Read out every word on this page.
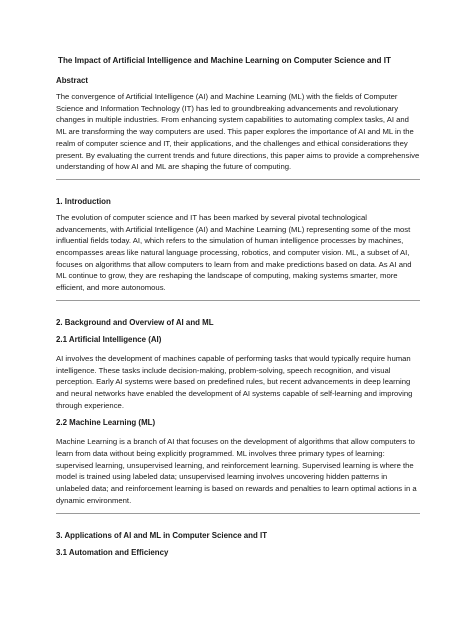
The Impact of Artificial Intelligence and Machine Learning on Computer Science and IT
Abstract

The convergence of Artificial Intelligence (AI) and Machine Learning (ML) with the fields of Computer Science and Information Technology (IT) has led to groundbreaking advancements and revolutionary changes in multiple industries. From enhancing system capabilities to automating complex tasks, AI and ML are transforming the way computers are used. This paper explores the importance of AI and ML in the realm of computer science and IT, their applications, and the challenges and ethical considerations they present. By evaluating the current trends and future directions, this paper aims to provide a comprehensive understanding of how AI and ML are shaping the future of computing.

1. Introduction

The evolution of computer science and IT has been marked by several pivotal technological advancements, with Artificial Intelligence (AI) and Machine Learning (ML) representing some of the most influential fields today. AI, which refers to the simulation of human intelligence processes by machines, encompasses areas like natural language processing, robotics, and computer vision. ML, a subset of AI, focuses on algorithms that allow computers to learn from and make predictions based on data. As AI and ML continue to grow, they are reshaping the landscape of computing, making systems smarter, more efficient, and more autonomous.

2. Background and Overview of AI and ML
2.1 Artificial Intelligence (AI)

AI involves the development of machines capable of performing tasks that would typically require human intelligence. These tasks include decision-making, problem-solving, speech recognition, and visual perception. Early AI systems were based on predefined rules, but recent advancements in deep learning and neural networks have enabled the development of AI systems capable of self-learning and improving through experience.

2.2 Machine Learning (ML)

Machine Learning is a branch of AI that focuses on the development of algorithms that allow computers to learn from data without being explicitly programmed. ML involves three primary types of learning: supervised learning, unsupervised learning, and reinforcement learning. Supervised learning is where the model is trained using labeled data; unsupervised learning involves uncovering hidden patterns in unlabeled data; and reinforcement learning is based on rewards and penalties to learn optimal actions in a dynamic environment.

3. Applications of AI and ML in Computer Science and IT
3.1 Automation and Efficiency
